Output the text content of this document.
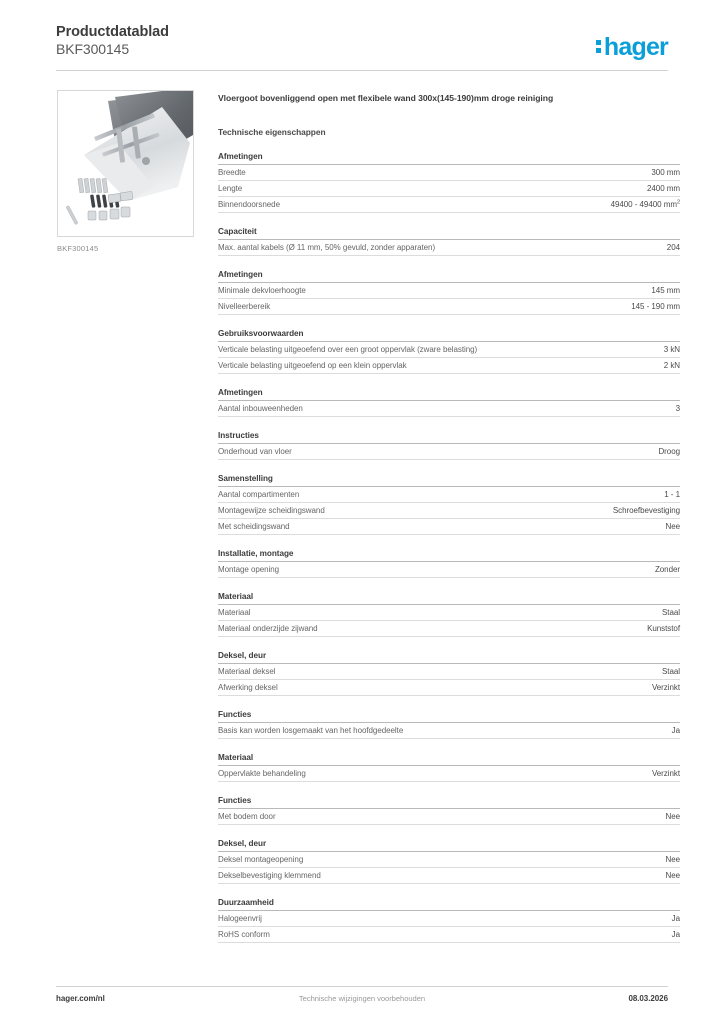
Productdatablad
BKF300145	hager
BKF300145
Vloergoot bovenliggend open met flexibele wand 300x(145-190)mm droge reiniging
Technische eigenschappen
Afmetingen
Breedte	300 mm
Lengte	2400 mm
Binnendoorsnede	49400 - 49400 $mm^2$
Capaciteit
Max. aantal kabels (Ø 11 mm, 50% gevuld, zonder apparaten)	204
Afmetingen
Minimale dekvloerhoogte	145 mm
Nivelleerbereik	145 - 190 mm
Gebruiksvoorwaarden
Verticale belasting uitgeoefend over een groot oppervlak (zware belasting)	3 kN
Verticale belasting uitgeoefend op een klein oppervlak	2 kN
Afmetingen
Aantal inbouweenheden	3
Instructies
Onderhoud van vloer	Droog
Samenstelling
Aantal compartimenten	1 - 1
Montagewijze scheidingswand	Schroefbevestiging
Met scheidingswand	Nee
Installatie, montage
Montage opening	Zonder
Materiaal
Materiaal	Staal
Materiaal onderzijde zijwand	Kunststof
Deksel, deur
Materiaal deksel	Staal
Afwerking deksel	Verzinkt
Functies
Basis kan worden losgemaakt van het hoofdgedeelte	Ja
Materiaal
Oppervlakte behandeling	Verzinkt
Functies
Met bodem door	Nee
Deksel, deur
Deksel montageopening	Nee
Dekselbevestiging klemmend	Nee
Duurzaamheid
Halogeenvrij	Ja
RoHS conform	Ja
hager.com/nl	Technische wijzigingen voorbehouden	08.03.2026
